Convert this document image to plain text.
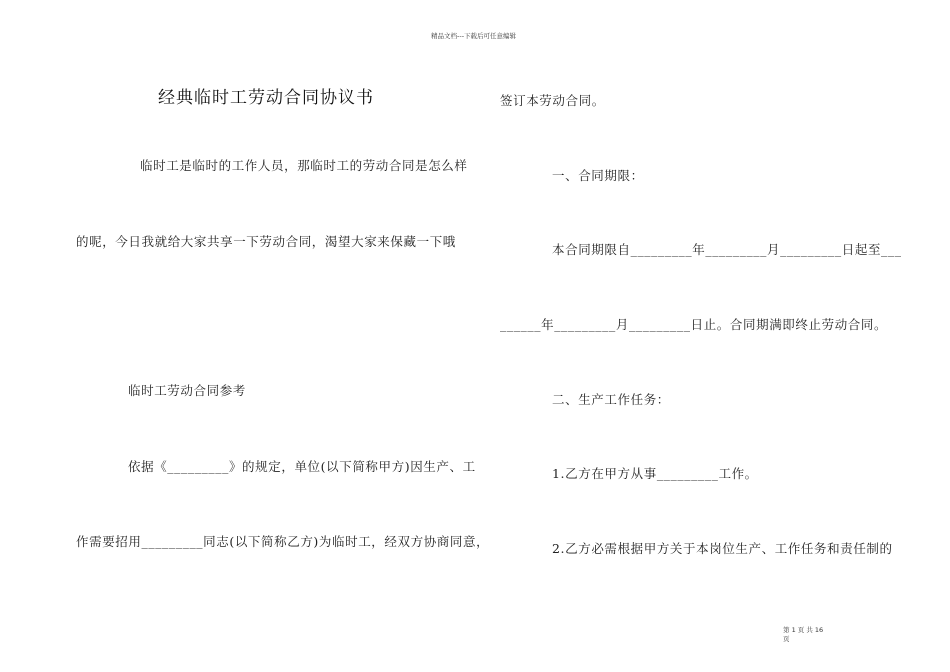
精品文档---下载后可任意编辑
经典临时工劳动合同协议书
临时工是临时的工作人员，那临时工的劳动合同是怎么样
的呢，今日我就给大家共享一下劳动合同，渴望大家来保藏一下哦
临时工劳动合同参考
依据《_________》的规定，单位(以下简称甲方)因生产、工
作需要招用_________同志(以下简称乙方)为临时工，经双方协商同意，
签订本劳动合同。
一、合同期限：
本合同期限自_________年_________月_________日起至___
______年_________月_________日止。合同期满即终止劳动合同。
二、生产工作任务：
1.乙方在甲方从事_________工作。
2.乙方必需根据甲方关于本岗位生产、工作任务和责任制的
第 1 页 共 16
页
